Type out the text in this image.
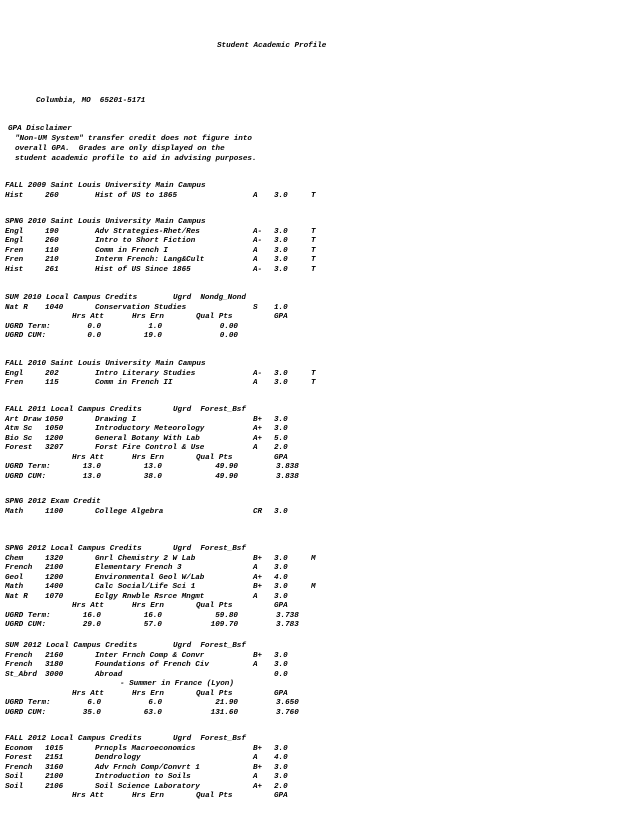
Student Academic Profile
Columbia, MO  65201-5171
GPA Disclaimer
"Non-UM System" transfer credit does not figure into
overall GPA.  Grades are only displayed on the
student academic profile to aid in advising purposes.
FALL 2009 Saint Louis University Main Campus
Hist	260	Hist of US to 1865	A 3.0	T
SPNG 2010 Saint Louis University Main Campus
Engl	190	Adv Strategies-Rhet/Res	A- 3.0	T
Engl	260	Intro to Short Fiction	A- 3.0	T
Fren	110	Comm in French I	A 3.0	T
Fren	210	Interm French: Lang&Cult	A 3.0	T
Hist	261	Hist of US Since 1865	A- 3.0	T
SUM 2010 Local Campus Credits	Ugrd  Nondg_Nond
Nat R 1040	Conservation Studies	S 1.0
Hrs Att	Hrs Ern	Qual Pts	GPA
UGRD Term:	0.0	1.0	0.00
UGRD CUM:	0.0	19.0	0.00
FALL 2010 Saint Louis University Main Campus
Engl	202	Intro Literary Studies	A- 3.0	T
Fren	115	Comm in French II	A 3.0	T
FALL 2011 Local Campus Credits	Ugrd  Forest_Bsf
Art Draw 1050	Drawing I	B+ 3.0
Atm Sc 1050	Introductory Meteorology	A+ 3.0
Bio Sc 1200	General Botany With Lab	A+ 5.0
Forest 3207	Forst Fire Control & Use	A 2.0
Hrs Att	Hrs Ern	Qual Pts	GPA
UGRD Term:	13.0	13.0	49.90	3.838
UGRD CUM:	13.0	38.0	49.90	3.838
SPNG 2012 Exam Credit
Math	1100	College Algebra	CR 3.0
SPNG 2012 Local Campus Credits	Ugrd  Forest_Bsf
Chem	1320	Gnrl Chemistry 2 W Lab	B+ 3.0	M
French 2100	Elementary French 3	A 3.0
Geol	1200	Environmental Geol W/Lab	A+ 4.0
Math	1400	Calc Social/Life Sci 1	B+ 3.0	M
Nat R 1070	Eclgy Rnwble Rsrce Mngmt	A 3.0
Hrs Att	Hrs Ern	Qual Pts	GPA
UGRD Term:	16.0	16.0	59.80	3.738
UGRD CUM:	29.0	57.0	109.70	3.783
SUM 2012 Local Campus Credits	Ugrd  Forest_Bsf
French 2160	Inter Frnch Comp & Convr	B+ 3.0
French 3180	Foundations of French Civ	A 3.0
St_Abrd 3000	Abroad	0.0
- Summer in France (Lyon)
Hrs Att	Hrs Ern	Qual Pts	GPA
UGRD Term:	6.0	6.0	21.90	3.650
UGRD CUM:	35.0	63.0	131.60	3.760
FALL 2012 Local Campus Credits	Ugrd  Forest_Bsf
Econom 1015	Prncpls Macroeconomics	B+ 3.0
Forest 2151	Dendrology	A 4.0
French 3160	Adv Frnch Comp/Convrt 1	B+ 3.0
Soil	2100	Introduction to Soils	A 3.0
Soil	2106	Soil Science Laboratory	A+ 2.0
Hrs Att	Hrs Ern	Qual Pts	GPA
